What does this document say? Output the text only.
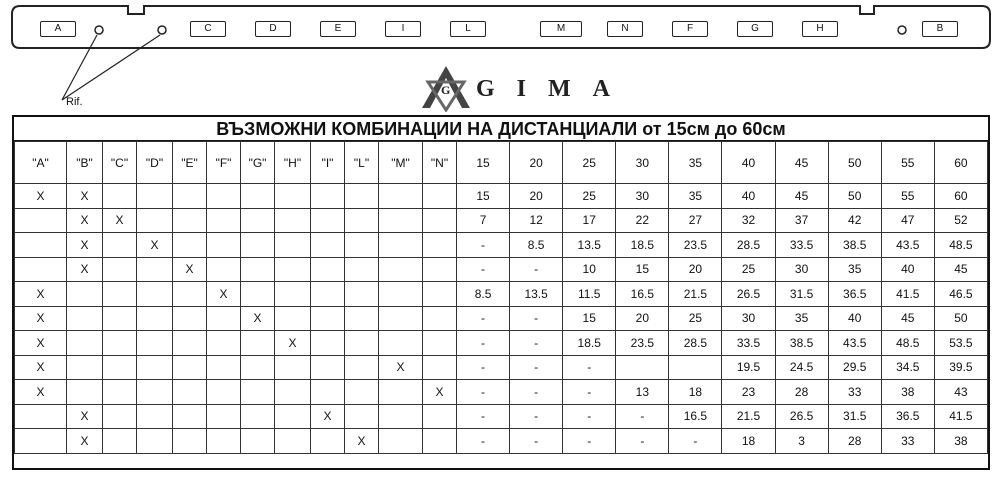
A	C	D	E	I	L	M	N	F	G	H	B
Rif.
G GIMA
ВЪЗМОЖНИ КОМБИНАЦИИ НА ДИСТАНЦИАЛИ от 15см до 60см
"A"	"B"	"C"	"D"	"E"	"F"	"G"	"H"	"I"	"L"	"M"	"N"	15	20	25	30	35	40	45	50	55	60
X	X											15	20	25	30	35	40	45	50	55	60
	X	X										7	12	17	22	27	32	37	42	47	52
	X		X									-	8.5	13.5	18.5	23.5	28.5	33.5	38.5	43.5	48.5
	X			X								-	-	10	15	20	25	30	35	40	45
X					X							8.5	13.5	11.5	16.5	21.5	26.5	31.5	36.5	41.5	46.5
X						X						-	-	15	20	25	30	35	40	45	50
X							X					-	-	18.5	23.5	28.5	33.5	38.5	43.5	48.5	53.5
X										X		-	-	-			19.5	24.5	29.5	34.5	39.5
X											X	-	-	-	13	18	23	28	33	38	43
	X							X				-	-	-	-	16.5	21.5	26.5	31.5	36.5	41.5
	X								X			-	-	-	-	-	18	3	28	33	38
